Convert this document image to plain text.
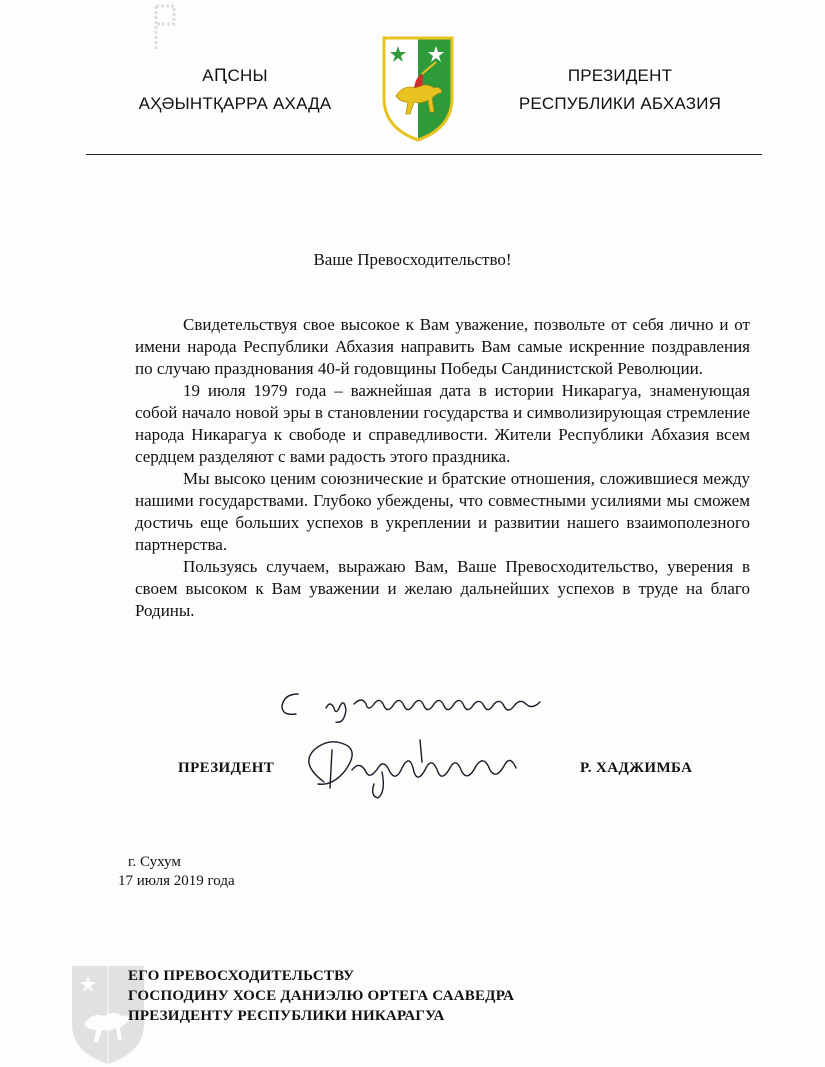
АԤСНЫ
АҲӘЫНТҚАРРА АХАДА
ПРЕЗИДЕНТ
РЕСПУБЛИКИ АБХАЗИЯ
Ваше Превосходительство!

Свидетельствуя свое высокое к Вам уважение, позвольте от себя лично и от имени народа Республики Абхазия направить Вам самые искренние поздравления по случаю празднования 40-й годовщины Победы Сандинистской Революции.

19 июля 1979 года – важнейшая дата в истории Никарагуа, знаменующая собой начало новой эры в становлении государства и символизирующая стремление народа Никарагуа к свободе и справедливости. Жители Республики Абхазия всем сердцем разделяют с вами радость этого праздника.

Мы высоко ценим союзнические и братские отношения, сложившиеся между нашими государствами. Глубоко убеждены, что совместными усилиями мы сможем достичь еще больших успехов в укреплении и развитии нашего взаимополезного партнерства.

Пользуясь случаем, выражаю Вам, Ваше Превосходительство, уверения в своем высоком к Вам уважении и желаю дальнейших успехов в труде на благо Родины.

ПРЕЗИДЕНТ	Р. ХАДЖИМБА
г. Сухум
17 июля 2019 года
ЕГО ПРЕВОСХОДИТЕЛЬСТВУ
ГОСПОДИНУ ХОСЕ ДАНИЭЛЮ ОРТЕГА СААВЕДРА
ПРЕЗИДЕНТУ РЕСПУБЛИКИ НИКАРАГУА
